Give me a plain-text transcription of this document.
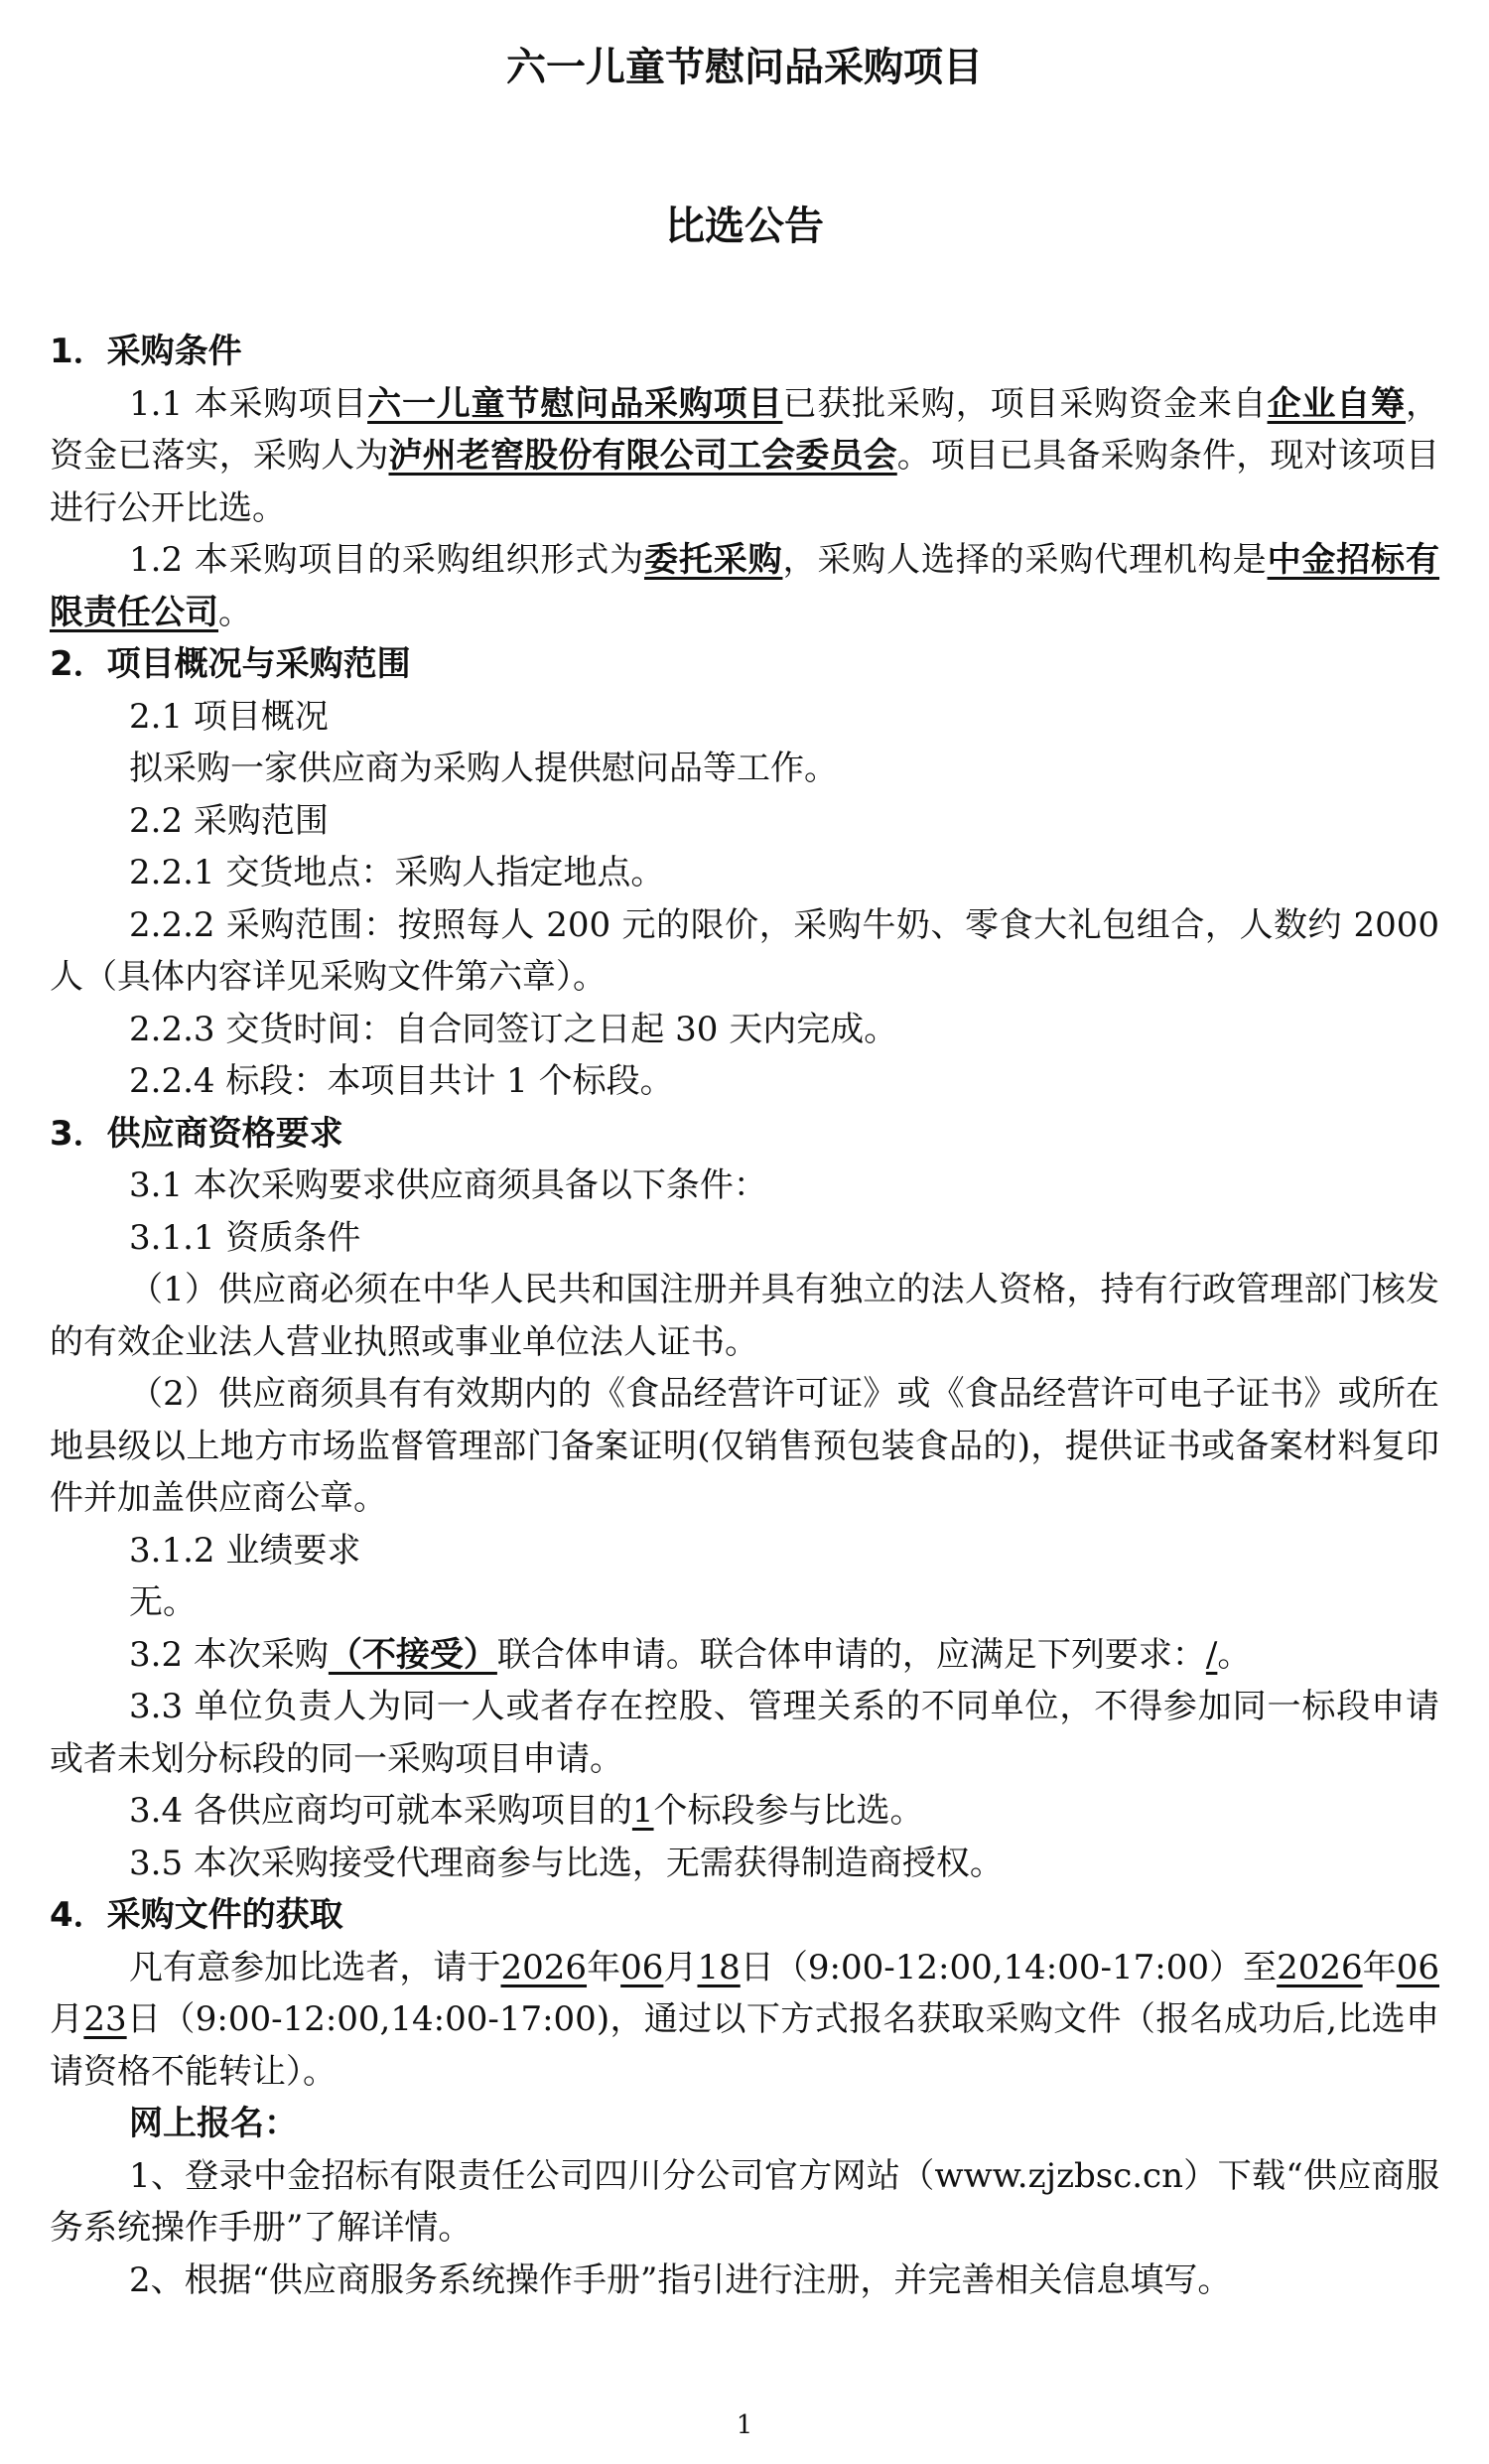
六一儿童节慰问品采购项目
比选公告

1．采购条件

1.1 本采购项目六一儿童节慰问品采购项目已获批采购，项目采购资金来自企业自筹，资金已落实，采购人为泸州老窖股份有限公司工会委员会。项目已具备采购条件，现对该项目进行公开比选。

1.2 本采购项目的采购组织形式为委托采购，采购人选择的采购代理机构是中金招标有限责任公司。

2．项目概况与采购范围

2.1 项目概况

拟采购一家供应商为采购人提供慰问品等工作。

2.2 采购范围

2.2.1 交货地点：采购人指定地点。

2.2.2 采购范围：按照每人 200 元的限价，采购牛奶、零食大礼包组合，人数约 2000 人（具体内容详见采购文件第六章）。

2.2.3 交货时间：自合同签订之日起 30 天内完成。

2.2.4 标段：本项目共计 1 个标段。

3．供应商资格要求

3.1 本次采购要求供应商须具备以下条件：

3.1.1 资质条件

（1）供应商必须在中华人民共和国注册并具有独立的法人资格，持有行政管理部门核发的有效企业法人营业执照或事业单位法人证书。

（2）供应商须具有有效期内的《食品经营许可证》或《食品经营许可电子证书》或所在地县级以上地方市场监督管理部门备案证明(仅销售预包装食品的)，提供证书或备案材料复印件并加盖供应商公章。

3.1.2 业绩要求

无。

3.2 本次采购（不接受）联合体申请。联合体申请的，应满足下列要求：/。

3.3 单位负责人为同一人或者存在控股、管理关系的不同单位，不得参加同一标段申请或者未划分标段的同一采购项目申请。

3.4 各供应商均可就本采购项目的1个标段参与比选。

3.5 本次采购接受代理商参与比选，无需获得制造商授权。

4．采购文件的获取

凡有意参加比选者，请于2026年06月18日（9:00-12:00,14:00-17:00）至2026年06月23日（9:00-12:00,14:00-17:00)，通过以下方式报名获取采购文件（报名成功后,比选申请资格不能转让）。

网上报名：

1、登录中金招标有限责任公司四川分公司官方网站（www.zjzbsc.cn）下载“供应商服务系统操作手册”了解详情。

2、根据“供应商服务系统操作手册”指引进行注册，并完善相关信息填写。

1
